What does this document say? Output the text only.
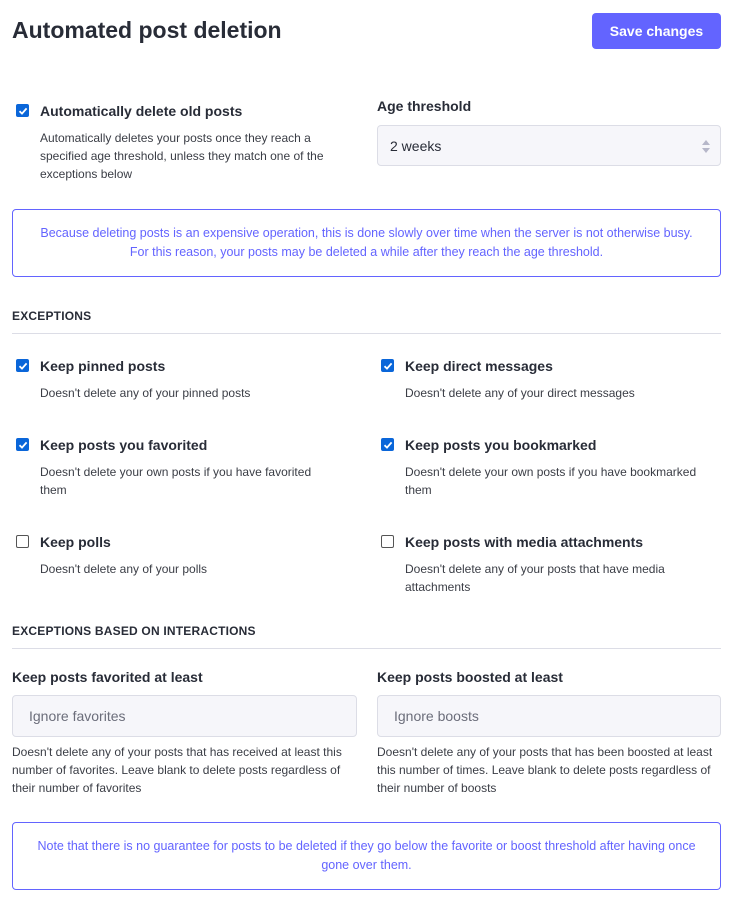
Automated post deletion	Save changes
Automatically delete old posts
Automatically deletes your posts once they reach a specified age threshold, unless they match one of the exceptions below
Age threshold
2 weeks
Because deleting posts is an expensive operation, this is done slowly over time when the server is not otherwise busy.
For this reason, your posts may be deleted a while after they reach the age threshold.
EXCEPTIONS
Keep pinned posts
Doesn't delete any of your pinned posts
Keep direct messages
Doesn't delete any of your direct messages
Keep posts you favorited
Doesn't delete your own posts if you have favorited them
Keep posts you bookmarked
Doesn't delete your own posts if you have bookmarked them
Keep polls
Doesn't delete any of your polls
Keep posts with media attachments
Doesn't delete any of your posts that have media attachments
EXCEPTIONS BASED ON INTERACTIONS
Keep posts favorited at least
Ignore favorites
Doesn't delete any of your posts that has received at least this number of favorites. Leave blank to delete posts regardless of their number of favorites
Keep posts boosted at least
Ignore boosts
Doesn't delete any of your posts that has been boosted at least this number of times. Leave blank to delete posts regardless of their number of boosts
Note that there is no guarantee for posts to be deleted if they go below the favorite or boost threshold after having once gone over them.
